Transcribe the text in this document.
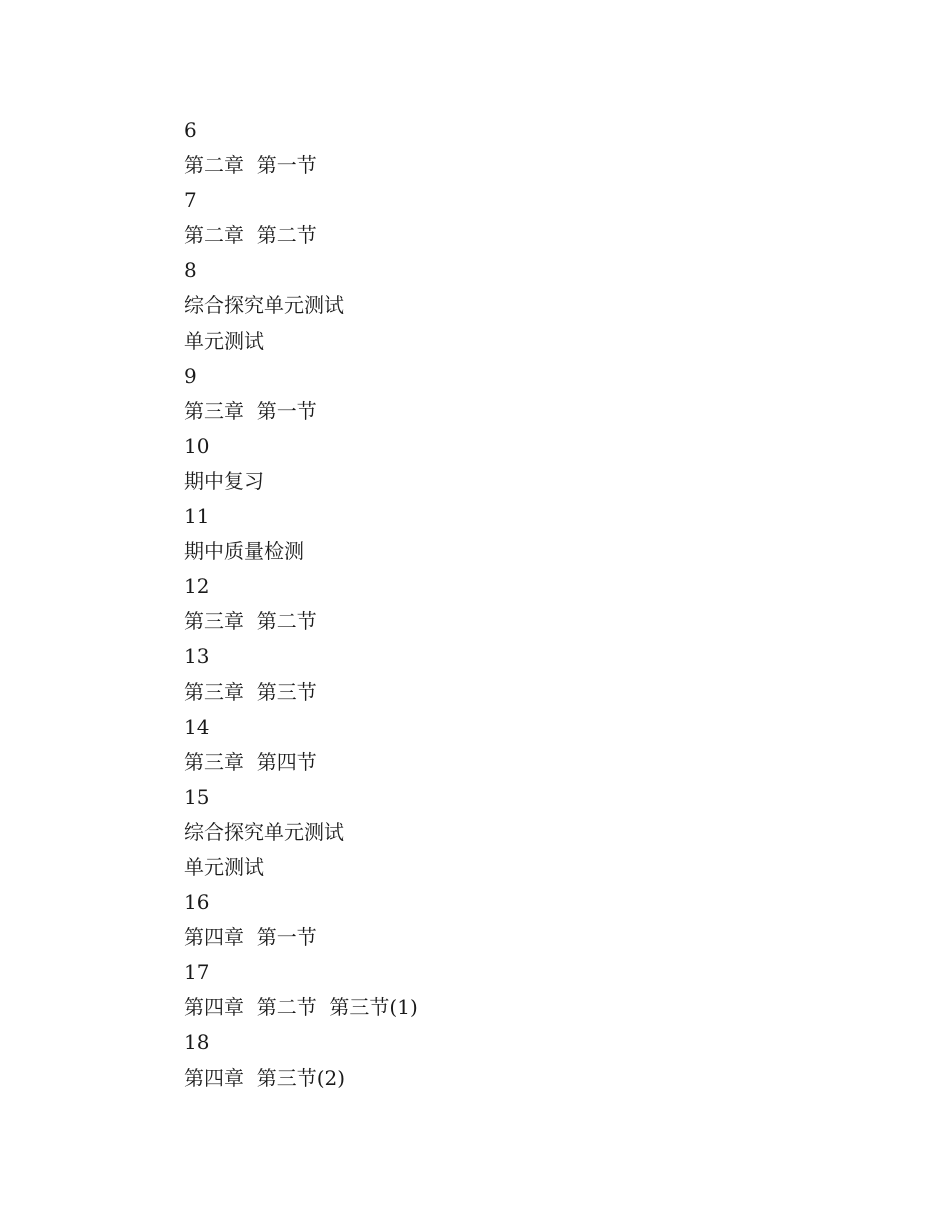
6
第二章  第一节
7
第二章  第二节
8
综合探究单元测试
单元测试
9
第三章  第一节
10
期中复习
11
期中质量检测
12
第三章  第二节
13
第三章  第三节
14
第三章  第四节
15
综合探究单元测试
单元测试
16
第四章  第一节
17
第四章  第二节  第三节(1)
18
第四章  第三节(2)
